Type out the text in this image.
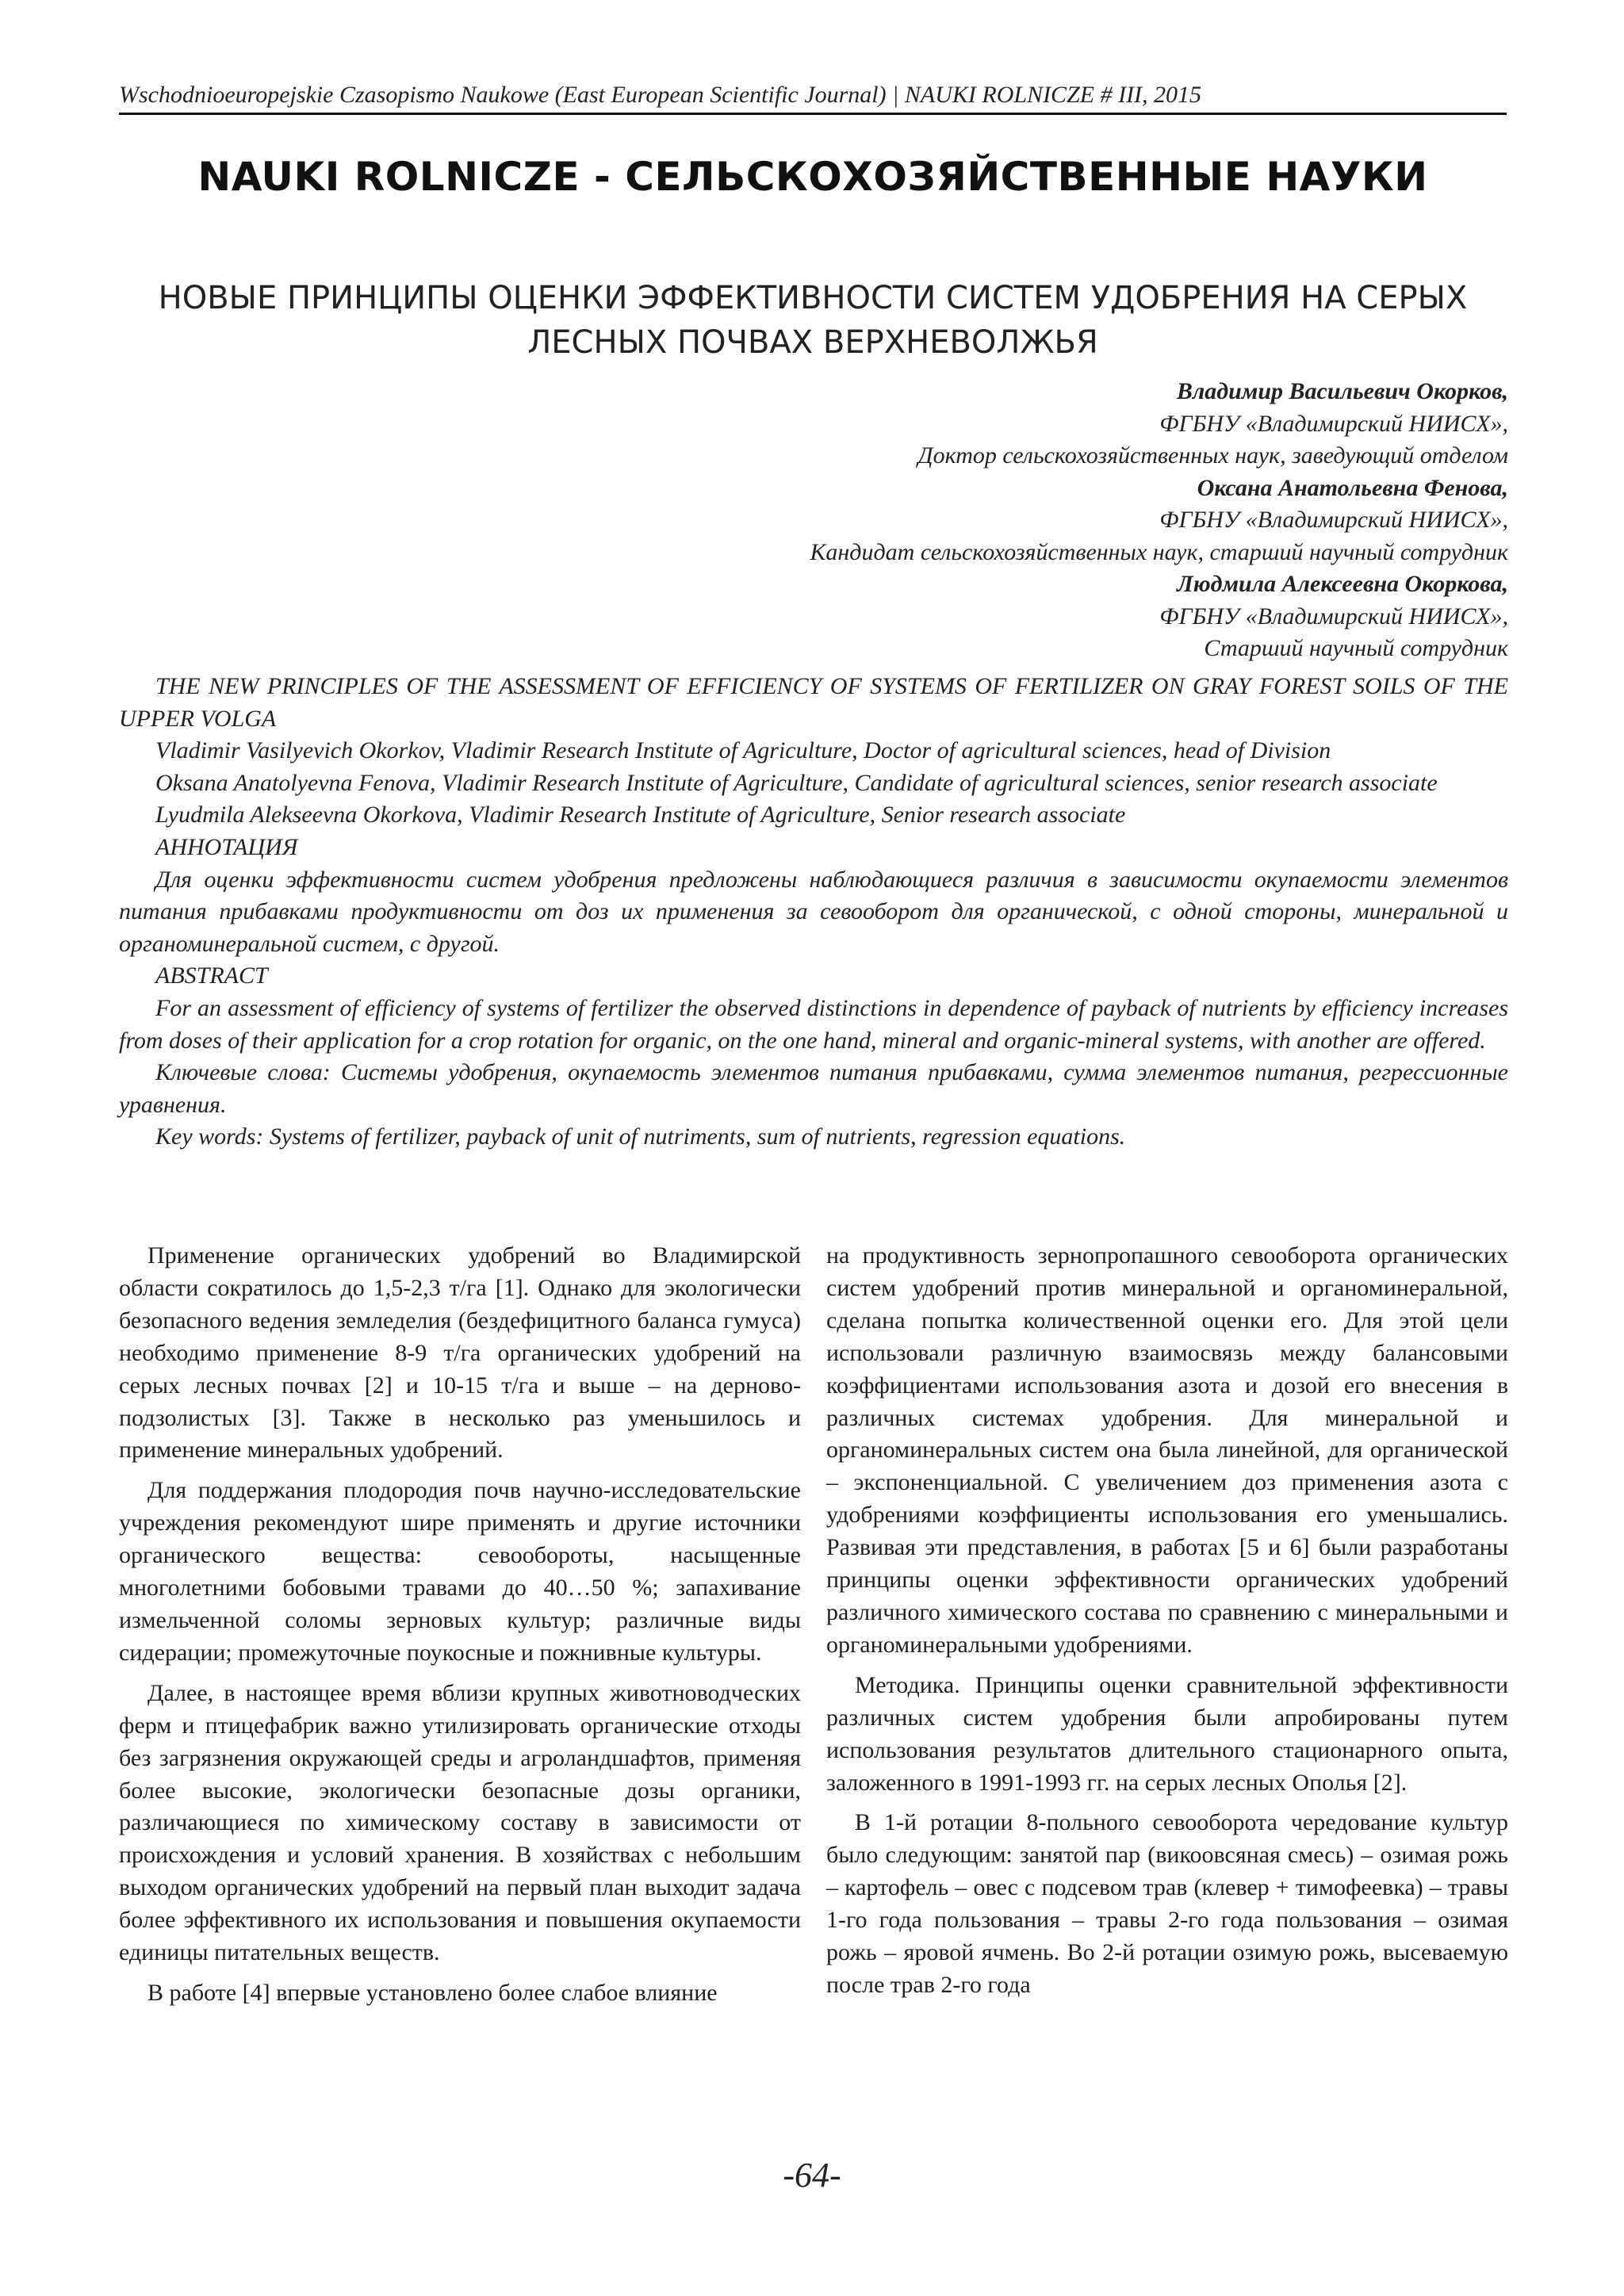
Wschodnioeuropejskie Czasopismo Naukowe (East European Scientific Journal) | NAUKI ROLNICZE # III, 2015
NAUKI ROLNICZE - СЕЛЬСКОХОЗЯЙСТВЕННЫЕ НАУКИ
НОВЫЕ ПРИНЦИПЫ ОЦЕНКИ ЭФФЕКТИВНОСТИ СИСТЕМ УДОБРЕНИЯ НА СЕРЫХ
ЛЕСНЫХ ПОЧВАХ ВЕРХНЕВОЛЖЬЯ
Владимир Васильевич Окорков,
ФГБНУ «Владимирский НИИСХ»,
Доктор сельскохозяйственных наук, заведующий отделом
Оксана Анатольевна Фенова,
ФГБНУ «Владимирский НИИСХ»,
Кандидат сельскохозяйственных наук, старший научный сотрудник
Людмила Алексеевна Окоркова,
ФГБНУ «Владимирский НИИСХ»,
Старший научный сотрудник

THE NEW PRINCIPLES OF THE ASSESSMENT OF EFFICIENCY OF SYSTEMS OF FERTILIZER ON GRAY FOREST SOILS OF THE UPPER VOLGA

Vladimir Vasilyevich Okorkov, Vladimir Research Institute of Agriculture, Doctor of agricultural sciences, head of Division

Oksana Anatolyevna Fenova, Vladimir Research Institute of Agriculture, Candidate of agricultural sciences, senior research associate

Lyudmila Alekseevna Okorkova, Vladimir Research Institute of Agriculture, Senior research associate

АННОТАЦИЯ

Для оценки эффективности систем удобрения предложены наблюдающиеся различия в зависимости окупаемости элементов питания прибавками продуктивности от доз их применения за севооборот для органической, с одной стороны, минеральной и органоминеральной систем, с другой.

ABSTRACT

For an assessment of efficiency of systems of fertilizer the observed distinctions in dependence of payback of nutrients by efficiency increases from doses of their application for a crop rotation for organic, on the one hand, mineral and organic-mineral systems, with another are offered.

Ключевые слова: Системы удобрения, окупаемость элементов питания прибавками, сумма элементов питания, регрессионные уравнения.

Key words: Systems of fertilizer, payback of unit of nutriments, sum of nutrients, regression equations.

Применение органических удобрений во Владимирской области сократилось до 1,5-2,3 т/га [1]. Однако для экологически безопасного ведения земледелия (бездефицитного баланса гумуса) необходимо применение 8-9 т/га органических удобрений на серых лесных почвах [2] и 10-15 т/га и выше – на дерново-подзолистых [3]. Также в несколько раз уменьшилось и применение минеральных удобрений.

Для поддержания плодородия почв научно-исследовательские учреждения рекомендуют шире применять и другие источники органического вещества: севообороты, насыщенные многолетними бобовыми травами до 40…50 %; запахивание измельченной соломы зерновых культур; различные виды сидерации; промежуточные поукосные и пожнивные культуры.

Далее, в настоящее время вблизи крупных животноводческих ферм и птицефабрик важно утилизировать органические отходы без загрязнения окружающей среды и агроландшафтов, применяя более высокие, экологически безопасные дозы органики, различающиеся по химическому составу в зависимости от происхождения и условий хранения. В хозяйствах с небольшим выходом органических удобрений на первый план выходит задача более эффективного их использования и повышения окупаемости единицы питательных веществ.

В работе [4] впервые установлено более слабое влияние

на продуктивность зернопропашного севооборота органических систем удобрений против минеральной и органоминеральной, сделана попытка количественной оценки его. Для этой цели использовали различную взаимосвязь между балансовыми коэффициентами использования азота и дозой его внесения в различных системах удобрения. Для минеральной и органоминеральных систем она была линейной, для органической – экспоненциальной. С увеличением доз применения азота с удобрениями коэффициенты использования его уменьшались. Развивая эти представления, в работах [5 и 6] были разработаны принципы оценки эффективности органических удобрений различного химического состава по сравнению с минеральными и органоминеральными удобрениями.

Методика. Принципы оценки сравнительной эффективности различных систем удобрения были апробированы путем использования результатов длительного стационарного опыта, заложенного в 1991-1993 гг. на серых лесных Ополья [2].

В 1-й ротации 8-польного севооборота чередование культур было следующим: занятой пар (викоовсяная смесь) – озимая рожь – картофель – овес с подсевом трав (клевер + тимофеевка) – травы 1-го года пользования – травы 2-го года пользования – озимая рожь – яровой ячмень. Во 2-й ротации озимую рожь, высеваемую после трав 2-го года

-64-
